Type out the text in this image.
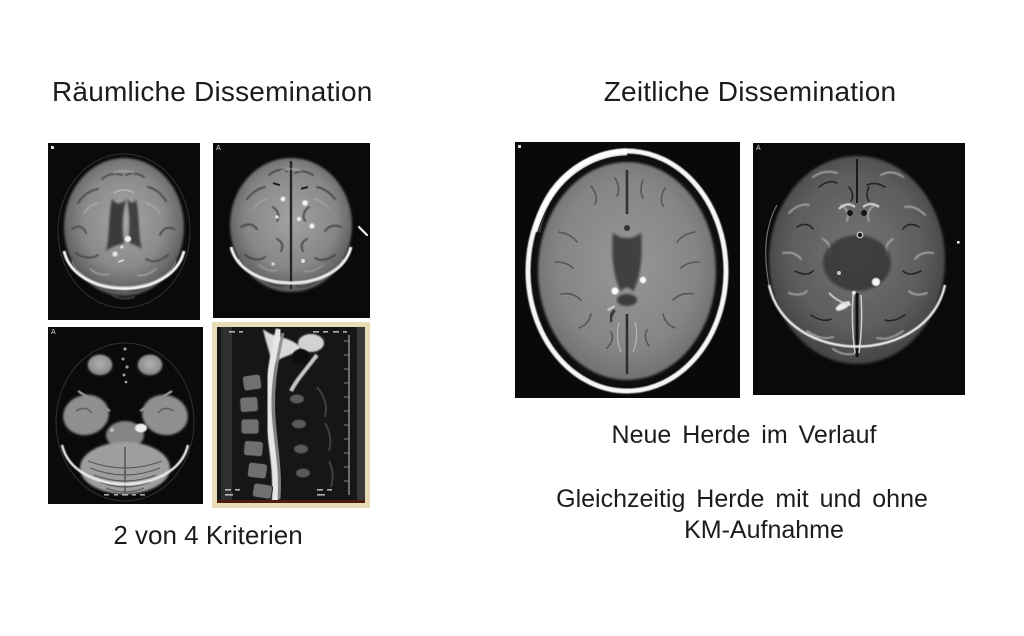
Räumliche Dissemination	Zeitliche Dissemination
A
A
A
2 von 4 Kriterien
Neue Herde im Verlauf
Gleichzeitig Herde mit und ohne
KM-Aufnahme
